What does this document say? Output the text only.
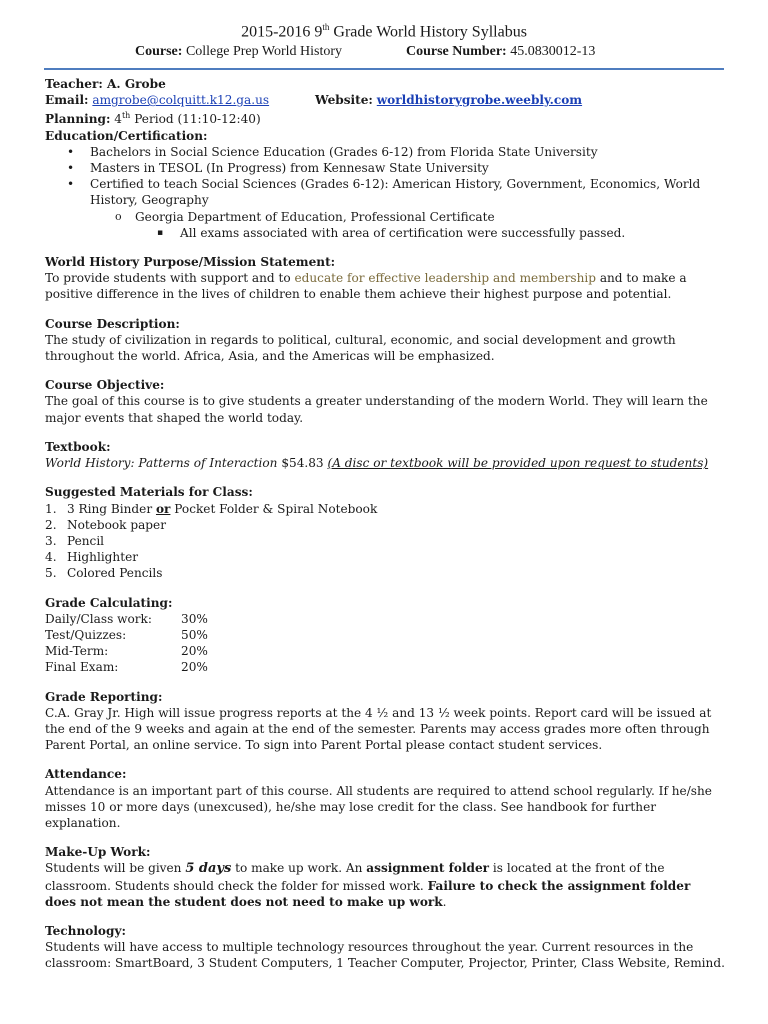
2015-2016 9th Grade World History Syllabus
Course: College Prep World History	Course Number: 45.0830012-13
Teacher: A. Grobe
Email: amgrobe@colquitt.k12.ga.us	Website: worldhistorygrobe.weebly.com
Planning: 4th Period (11:10-12:40)
Education/Certification:
• Bachelors in Social Science Education (Grades 6-12) from Florida State University
• Masters in TESOL (In Progress) from Kennesaw State University
• Certified to teach Social Sciences (Grades 6-12): American History, Government, Economics, World History, Geography
o Georgia Department of Education, Professional Certificate
▪ All exams associated with area of certification were successfully passed.
World History Purpose/Mission Statement:
To provide students with support and to educate for effective leadership and membership and to make a positive difference in the lives of children to enable them achieve their highest purpose and potential.
Course Description:
The study of civilization in regards to political, cultural, economic, and social development and growth throughout the world. Africa, Asia, and the Americas will be emphasized.
Course Objective:
The goal of this course is to give students a greater understanding of the modern World. They will learn the major events that shaped the world today.
Textbook:
World History: Patterns of Interaction $54.83 (A disc or textbook will be provided upon request to students)
Suggested Materials for Class:
1. 3 Ring Binder or Pocket Folder & Spiral Notebook
2. Notebook paper
3. Pencil
4. Highlighter
5. Colored Pencils
Grade Calculating:
Daily/Class work:	30%
Test/Quizzes:	50%
Mid-Term:	20%
Final Exam:	20%
Grade Reporting:
C.A. Gray Jr. High will issue progress reports at the 4 ½ and 13 ½ week points. Report card will be issued at the end of the 9 weeks and again at the end of the semester. Parents may access grades more often through Parent Portal, an online service. To sign into Parent Portal please contact student services.
Attendance:
Attendance is an important part of this course. All students are required to attend school regularly. If he/she misses 10 or more days (unexcused), he/she may lose credit for the class. See handbook for further explanation.
Make-Up Work:
Students will be given 5 days to make up work. An assignment folder is located at the front of the classroom. Students should check the folder for missed work. Failure to check the assignment folder does not mean the student does not need to make up work.
Technology:
Students will have access to multiple technology resources throughout the year. Current resources in the classroom: SmartBoard, 3 Student Computers, 1 Teacher Computer, Projector, Printer, Class Website, Remind.
